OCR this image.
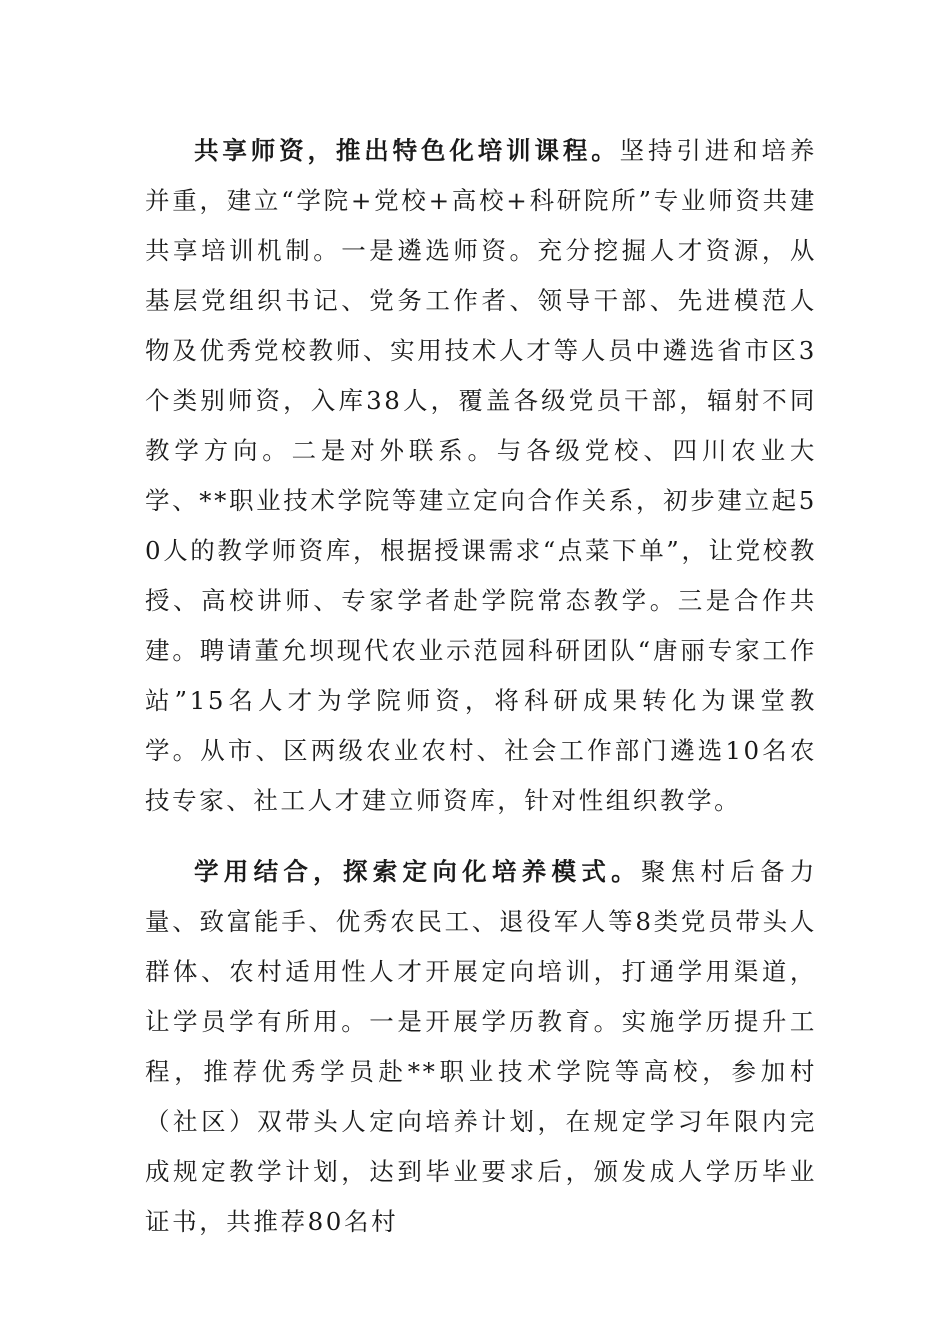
共享师资，推出特色化培训课程。坚持引进和培养并重，建立“学院+党校+高校+科研院所”专业师资共建共享培训机制。一是遴选师资。充分挖掘人才资源，从基层党组织书记、党务工作者、领导干部、先进模范人物及优秀党校教师、实用技术人才等人员中遴选省市区3个类别师资，入库38人，覆盖各级党员干部，辐射不同教学方向。二是对外联系。与各级党校、四川农业大学、**职业技术学院等建立定向合作关系，初步建立起50人的教学师资库，根据授课需求“点菜下单”，让党校教授、高校讲师、专家学者赴学院常态教学。三是合作共建。聘请董允坝现代农业示范园科研团队“唐丽专家工作站”15名人才为学院师资，将科研成果转化为课堂教学。从市、区两级农业农村、社会工作部门遴选10名农技专家、社工人才建立师资库，针对性组织教学。

学用结合，探索定向化培养模式。聚焦村后备力量、致富能手、优秀农民工、退役军人等8类党员带头人群体、农村适用性人才开展定向培训，打通学用渠道，让学员学有所用。一是开展学历教育。实施学历提升工程，推荐优秀学员赴**职业技术学院等高校，参加村（社区）双带头人定向培养计划，在规定学习年限内完成规定教学计划，达到毕业要求后，颁发成人学历毕业证书，共推荐80名村
